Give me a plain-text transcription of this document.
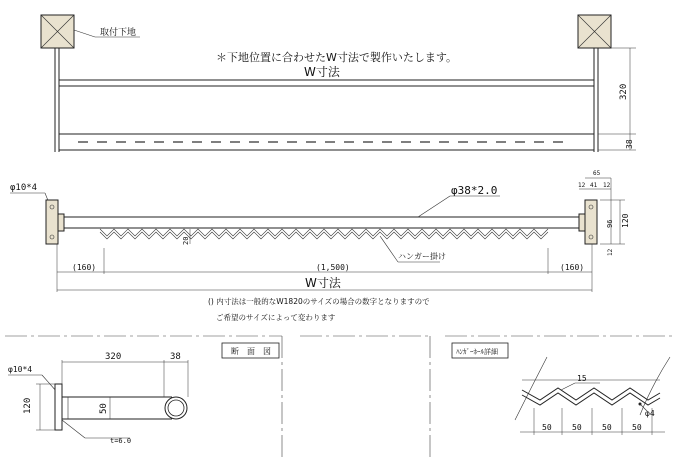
取付下地
＊下地位置に合わせたW寸法で製作いたします。
W寸法
320
38
φ10*4	φ38*2.0
ハンガー掛け
20
65
41
12	12
96 120
12
(160)	(1,500)	(160)
W寸法
() 内寸法は一般的なW1820のサイズの場合の数字となりますので
ご希望のサイズによって変わります
断　面　図
φ10*4
320	38
120	50
t=6.0
ﾊﾝｶﾞｰﾎｰﾙ詳細
15
φ4
50	50	50	50
